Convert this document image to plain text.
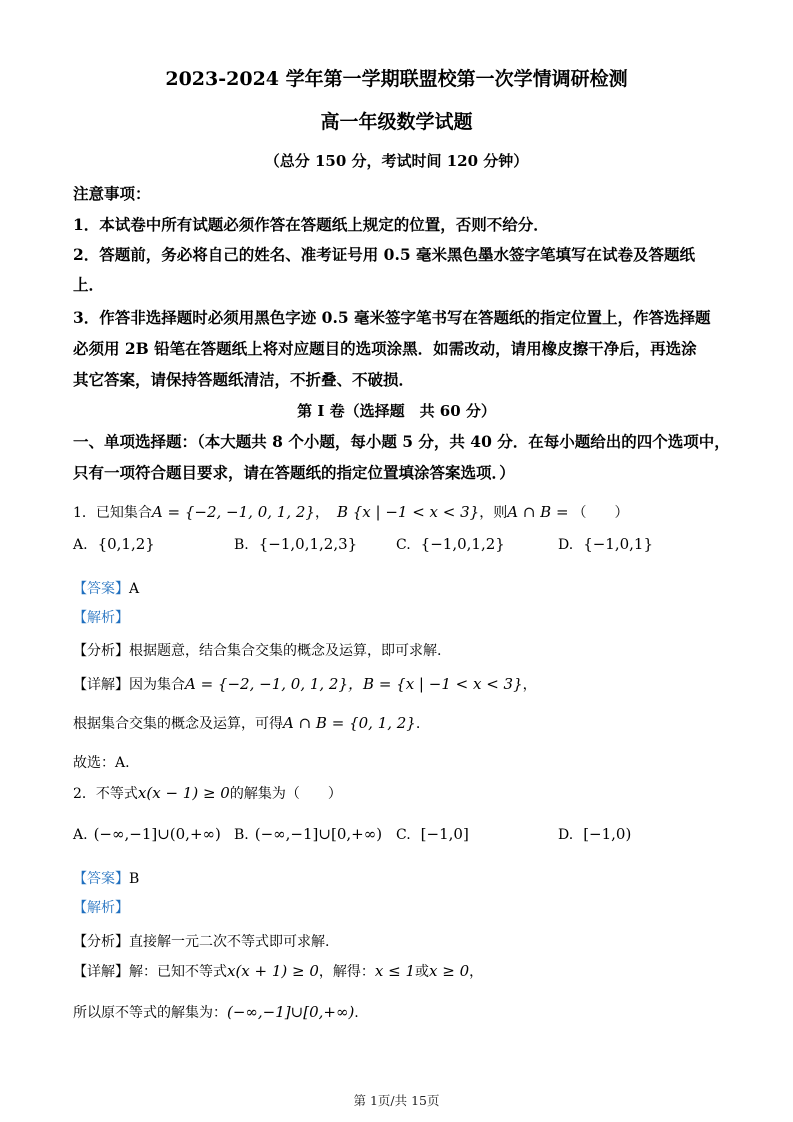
2023-2024 学年第一学期联盟校第一次学情调研检测
高一年级数学试题
（总分 150 分，考试时间 120 分钟）
注意事项：
1．本试卷中所有试题必须作答在答题纸上规定的位置，否则不给分．
2．答题前，务必将自己的姓名、准考证号用 0.5 毫米黑色墨水签字笔填写在试卷及答题纸
上．
3．作答非选择题时必须用黑色字迹 0.5 毫米签字笔书写在答题纸的指定位置上，作答选择题
必须用 2B 铅笔在答题纸上将对应题目的选项涂黑．如需改动，请用橡皮擦干净后，再选涂
其它答案，请保持答题纸清洁，不折叠、不破损．
第 I 卷（选择题　共 60 分）
一、单项选择题：（本大题共 8 个小题，每小题 5 分，共 40 分．在每小题给出的四个选项中，
只有一项符合题目要求，请在答题纸的指定位置填涂答案选项．）
1．已知集合A = {−2, −1, 0, 1, 2}， B {x | −1 < x < 3}，则A ∩ B = （　　）
A. {0,1,2}	B. {−1,0,1,2,3}	C. {−1,0,1,2}	D. {−1,0,1}
【答案】A
【解析】
【分析】根据题意，结合集合交集的概念及运算，即可求解.
【详解】因为集合A = {−2, −1, 0, 1, 2}，B = {x | −1 < x < 3}，
根据集合交集的概念及运算，可得A ∩ B = {0, 1, 2}.
故选：A.
2．不等式x(x − 1) ≥ 0的解集为（　　）
A. (−∞,−1]∪(0,+∞) B. (−∞,−1]∪[0,+∞) C. [−1,0]	D. [−1,0)
【答案】B
【解析】
【分析】直接解一元二次不等式即可求解.
【详解】解：已知不等式x(x + 1) ≥ 0，解得：x ≤ 1或x ≥ 0，
所以原不等式的解集为：(−∞,−1]∪[0,+∞).
第 1页/共 15页
